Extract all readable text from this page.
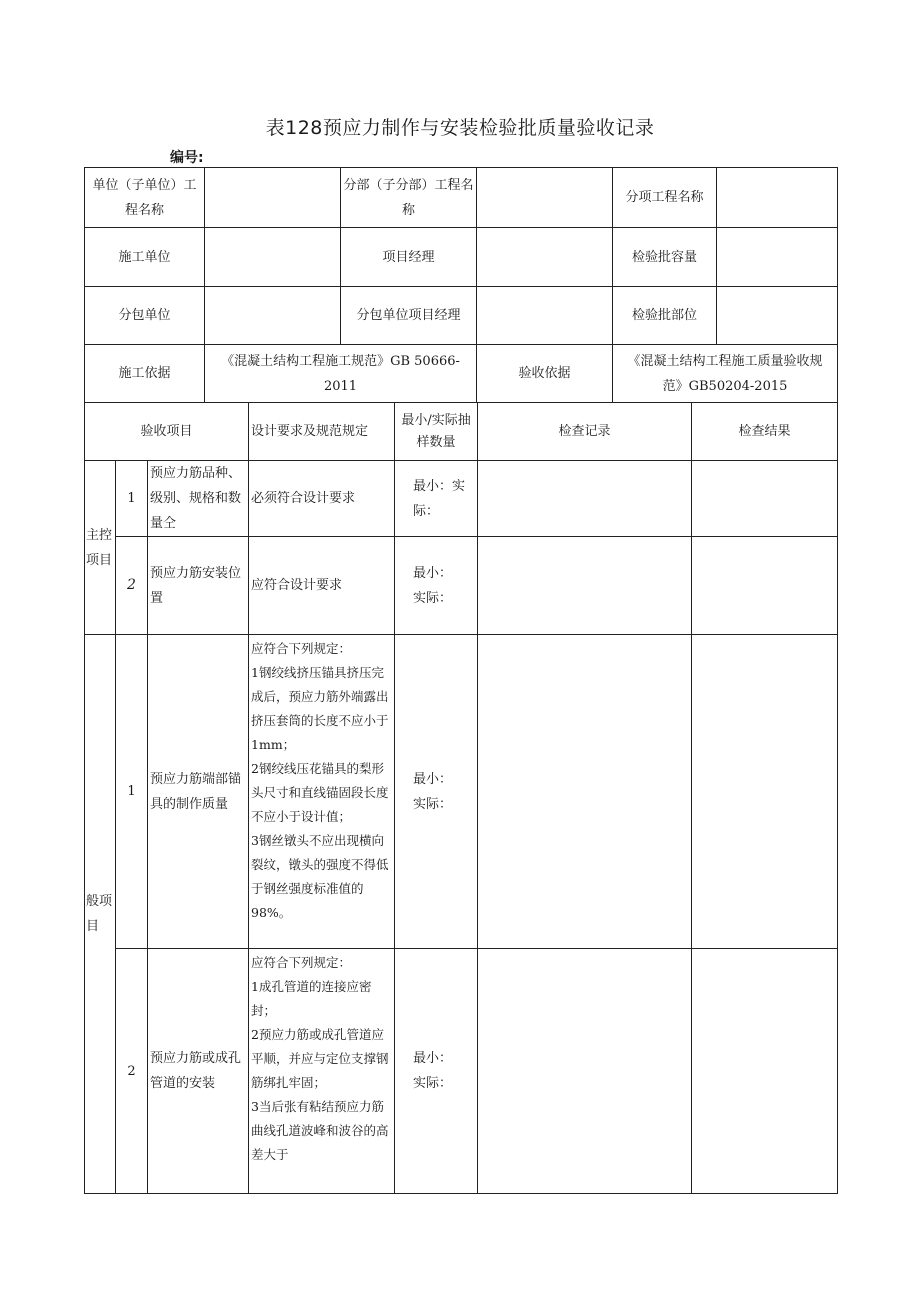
表128预应力制作与安装检验批质量验收记录
编号:
单位（子单位）工程名称		分部（子分部）工程名称		分项工程名称	
施工单位		项目经理		检验批容量	
分包单位		分包单位项目经理		检验批部位	
施工依据	《混凝土结构工程施工规范》GB 50666-2011		验收依据	《混凝土结构工程施工质量验收规范》GB50204-2015	
验收项目			设计要求及规范规定	最小/实际抽样数量	检查记录	检查结果
主控项目	1	预应力筋品种、级别、规格和数量仝	必须符合设计要求	最小：实
际：		

	2	预应力筋安装位置	应符合设计要求	最小：
实际：		

般项目	1	预应力筋端部锚具的制作质量	应符合下列规定：
1钢绞线挤压锚具挤压完成后，预应力筋外端露出挤压套筒的长度不应小于1mm；
2钢绞线压花锚具的梨形头尺寸和直线锚固段长度不应小于设计值；
3钢丝镦头不应出现横向裂纹，镦头的强度不得低于钢丝强度标准值的98%。	最小：
实际：		

	2	预应力筋或成孔管道的安装	应符合下列规定：
1成孔管道的连接应密封；
2预应力筋或成孔管道应平顺，并应与定位支撑钢筋绑扎牢固；
3当后张有粘结预应力筋曲线孔道波峰和波谷的高差大于	最小：
实际：		
